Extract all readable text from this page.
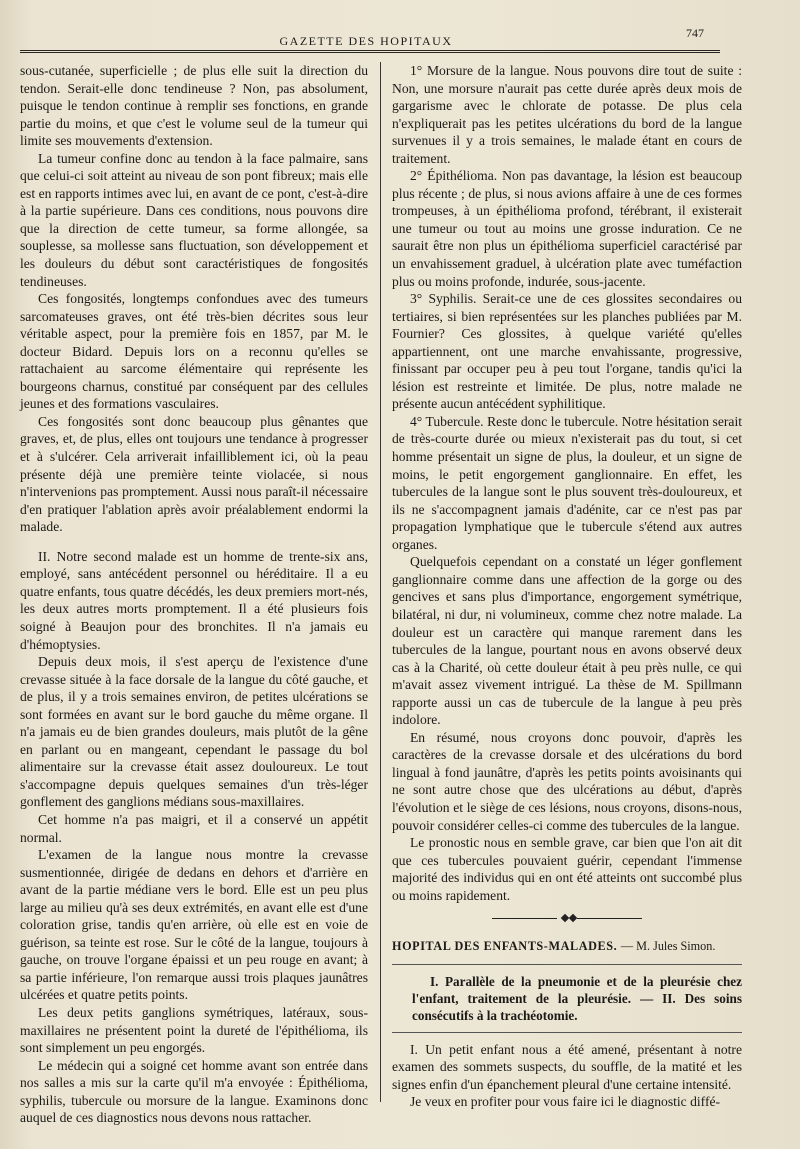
GAZETTE DES HOPITAUX
747

sous-cutanée, superficielle ; de plus elle suit la direction du tendon. Serait-elle donc tendineuse ? Non, pas absolument, puisque le tendon continue à remplir ses fonctions, en grande partie du moins, et que c'est le volume seul de la tumeur qui limite ses mouvements d'extension.

La tumeur confine donc au tendon à la face palmaire, sans que celui-ci soit atteint au niveau de son pont fibreux; mais elle est en rapports intimes avec lui, en avant de ce pont, c'est-à-dire à la partie supérieure. Dans ces conditions, nous pouvons dire que la direction de cette tumeur, sa forme allongée, sa souplesse, sa mollesse sans fluctuation, son développement et les douleurs du début sont caractéristiques de fongosités tendineuses.

Ces fongosités, longtemps confondues avec des tumeurs sarcomateuses graves, ont été très-bien décrites sous leur véritable aspect, pour la première fois en 1857, par M. le docteur Bidard. Depuis lors on a reconnu qu'elles se rattachaient au sarcome élémentaire qui représente les bourgeons charnus, constitué par conséquent par des cellules jeunes et des formations vasculaires.

Ces fongosités sont donc beaucoup plus gênantes que graves, et, de plus, elles ont toujours une tendance à progresser et à s'ulcérer. Cela arriverait infailliblement ici, où la peau présente déjà une première teinte violacée, si nous n'intervenions pas promptement. Aussi nous paraît-il nécessaire d'en pratiquer l'ablation après avoir préalablement endormi la malade.

II. Notre second malade est un homme de trente-six ans, employé, sans antécédent personnel ou héréditaire. Il a eu quatre enfants, tous quatre décédés, les deux premiers mort-nés, les deux autres morts promptement. Il a été plusieurs fois soigné à Beaujon pour des bronchites. Il n'a jamais eu d'hémoptysies.

Depuis deux mois, il s'est aperçu de l'existence d'une crevasse située à la face dorsale de la langue du côté gauche, et de plus, il y a trois semaines environ, de petites ulcérations se sont formées en avant sur le bord gauche du même organe. Il n'a jamais eu de bien grandes douleurs, mais plutôt de la gêne en parlant ou en mangeant, cependant le passage du bol alimentaire sur la crevasse était assez douloureux. Le tout s'accompagne depuis quelques semaines d'un très-léger gonflement des ganglions médians sous-maxillaires.

Cet homme n'a pas maigri, et il a conservé un appétit normal.

L'examen de la langue nous montre la crevasse susmentionnée, dirigée de dedans en dehors et d'arrière en avant de la partie médiane vers le bord. Elle est un peu plus large au milieu qu'à ses deux extrémités, en avant elle est d'une coloration grise, tandis qu'en arrière, où elle est en voie de guérison, sa teinte est rose. Sur le côté de la langue, toujours à gauche, on trouve l'organe épaissi et un peu rouge en avant; à sa partie inférieure, l'on remarque aussi trois plaques jaunâtres ulcérées et quatre petits points.

Les deux petits ganglions symétriques, latéraux, sous-maxillaires ne présentent point la dureté de l'épithélioma, ils sont simplement un peu engorgés.

Le médecin qui a soigné cet homme avant son entrée dans nos salles a mis sur la carte qu'il m'a envoyée : Épithélioma, syphilis, tubercule ou morsure de la langue. Examinons donc auquel de ces diagnostics nous devons nous rattacher.

1° Morsure de la langue. Nous pouvons dire tout de suite : Non, une morsure n'aurait pas cette durée après deux mois de gargarisme avec le chlorate de potasse. De plus cela n'expliquerait pas les petites ulcérations du bord de la langue survenues il y a trois semaines, le malade étant en cours de traitement.

2° Épithélioma. Non pas davantage, la lésion est beaucoup plus récente ; de plus, si nous avions affaire à une de ces formes trompeuses, à un épithélioma profond, térébrant, il existerait une tumeur ou tout au moins une grosse induration. Ce ne saurait être non plus un épithélioma superficiel caractérisé par un envahissement graduel, à ulcération plate avec tuméfaction plus ou moins profonde, indurée, sous-jacente.

3° Syphilis. Serait-ce une de ces glossites secondaires ou tertiaires, si bien représentées sur les planches publiées par M. Fournier? Ces glossites, à quelque variété qu'elles appartiennent, ont une marche envahissante, progressive, finissant par occuper peu à peu tout l'organe, tandis qu'ici la lésion est restreinte et limitée. De plus, notre malade ne présente aucun antécédent syphilitique.

4° Tubercule. Reste donc le tubercule. Notre hésitation serait de très-courte durée ou mieux n'existerait pas du tout, si cet homme présentait un signe de plus, la douleur, et un signe de moins, le petit engorgement ganglionnaire. En effet, les tubercules de la langue sont le plus souvent très-douloureux, et ils ne s'accompagnent jamais d'adénite, car ce n'est pas par propagation lymphatique que le tubercule s'étend aux autres organes.

Quelquefois cependant on a constaté un léger gonflement ganglionnaire comme dans une affection de la gorge ou des gencives et sans plus d'importance, engorgement symétrique, bilatéral, ni dur, ni volumineux, comme chez notre malade. La douleur est un caractère qui manque rarement dans les tubercules de la langue, pourtant nous en avons observé deux cas à la Charité, où cette douleur était à peu près nulle, ce qui m'avait assez vivement intrigué. La thèse de M. Spillmann rapporte aussi un cas de tubercule de la langue à peu près indolore.

En résumé, nous croyons donc pouvoir, d'après les caractères de la crevasse dorsale et des ulcérations du bord lingual à fond jaunâtre, d'après les petits points avoisinants qui ne sont autre chose que des ulcérations au début, d'après l'évolution et le siège de ces lésions, nous croyons, disons-nous, pouvoir considérer celles-ci comme des tubercules de la langue.

Le pronostic nous en semble grave, car bien que l'on ait dit que ces tubercules pouvaient guérir, cependant l'immense majorité des individus qui en ont été atteints ont succombé plus ou moins rapidement.

HOPITAL DES ENFANTS-MALADES. — M. Jules Simon.

I. Parallèle de la pneumonie et de la pleurésie chez l'enfant, traitement de la pleurésie. — II. Des soins consécutifs à la trachéotomie.

I. Un petit enfant nous a été amené, présentant à notre examen des sommets suspects, du souffle, de la matité et les signes enfin d'un épanchement pleural d'une certaine intensité.

Je veux en profiter pour vous faire ici le diagnostic diffé-
